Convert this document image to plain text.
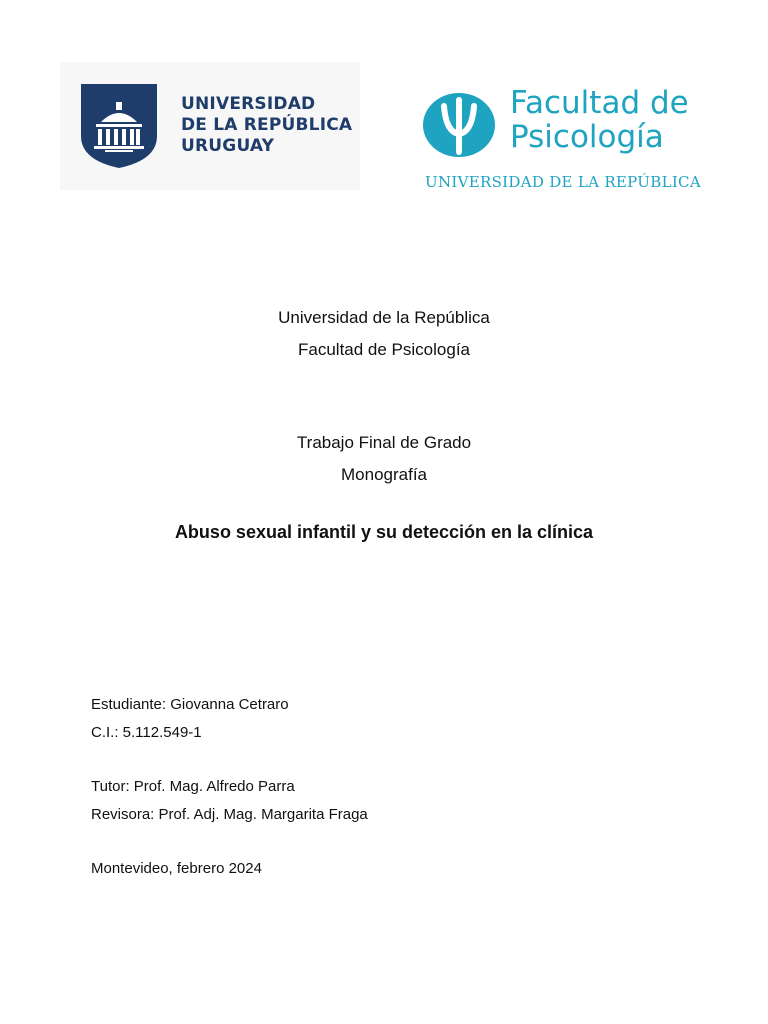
UNIVERSIDAD
DE LA REPÚBLICA
URUGUAY
Facultad de
Psicología
UNIVERSIDAD DE LA REPÚBLICA
Universidad de la República
Facultad de Psicología
Trabajo Final de Grado
Monografía
Abuso sexual infantil y su detección en la clínica
Estudiante: Giovanna Cetraro
C.I.: 5.112.549-1
Tutor: Prof. Mag. Alfredo Parra
Revisora: Prof. Adj. Mag. Margarita Fraga
Montevideo, febrero 2024
